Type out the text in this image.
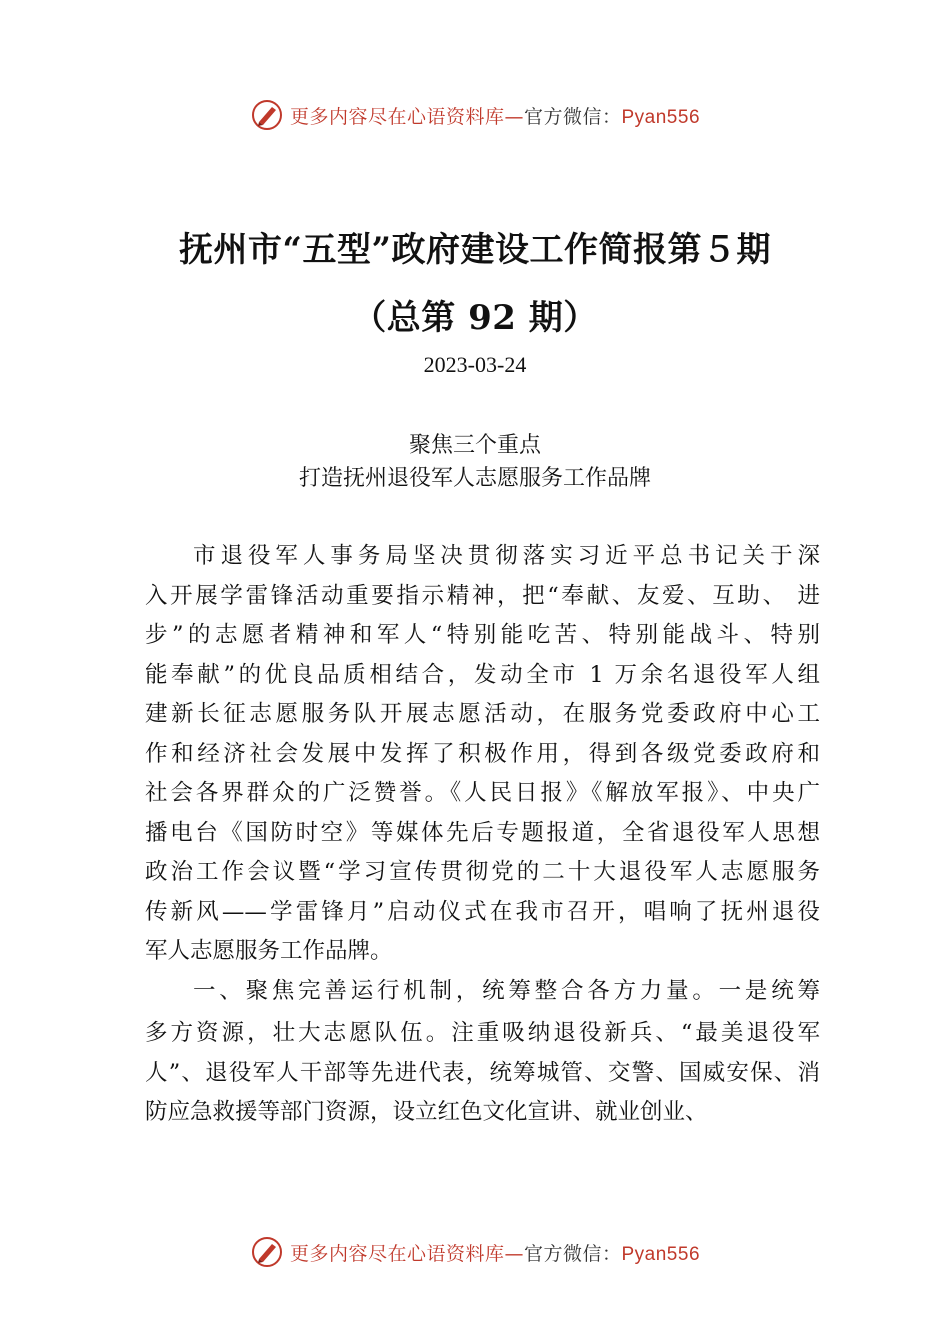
更多内容尽在心语资料库—官方微信：Pyan556
抚州市“五型”政府建设工作简报第５期
（总第 92 期）
2023-03-24
聚焦三个重点
打造抚州退役军人志愿服务工作品牌
市退役军人事务局坚决贯彻落实习近平总书记关于深
入开展学雷锋活动重要指示精神，把“奉献、友爱、互助、 进
步”的志愿者精神和军人“特别能吃苦、特别能战斗、特别
能奉献”的优良品质相结合，发动全市 1 万余名退役军人组
建新长征志愿服务队开展志愿活动，在服务党委政府中心工
作和经济社会发展中发挥了积极作用，得到各级党委政府和
社会各界群众的广泛赞誉。《人民日报》《解放军报》、中央广
播电台《国防时空》等媒体先后专题报道，全省退役军人思想
政治工作会议暨“学习宣传贯彻党的二十大退役军人志愿服务
传新风——学雷锋月”启动仪式在我市召开，唱响了抚州退役
军人志愿服务工作品牌。
一、聚焦完善运行机制，统筹整合各方力量。一是统筹
多方资源，壮大志愿队伍。注重吸纳退役新兵、“最美退役军
人”、退役军人干部等先进代表，统筹城管、交警、国威安保、消
防应急救援等部门资源，设立红色文化宣讲、就业创业、
更多内容尽在心语资料库—官方微信：Pyan556
